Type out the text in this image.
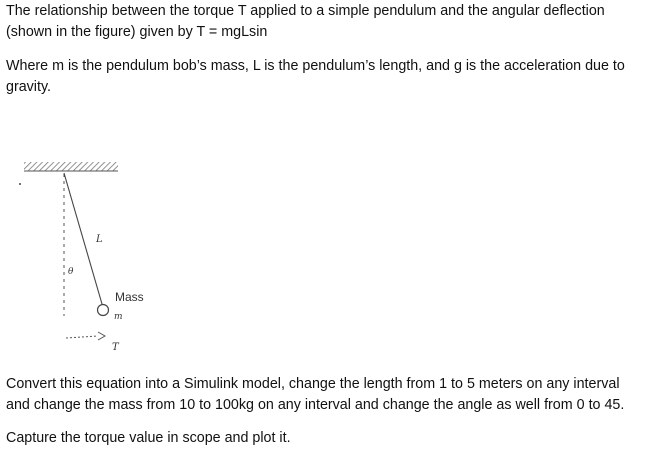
The relationship between the torque T applied to a simple pendulum and the angular deflection (shown in the figure) given by T = mgLsin
Where m is the pendulum bob’s mass, L is the pendulum’s length, and g is the acceleration due to gravity.
L
θ
Mass
m
T
Convert this equation into a Simulink model, change the length from 1 to 5 meters on any interval and change the mass from 10 to 100kg on any interval and change the angle as well from 0 to 45.
Capture the torque value in scope and plot it.
